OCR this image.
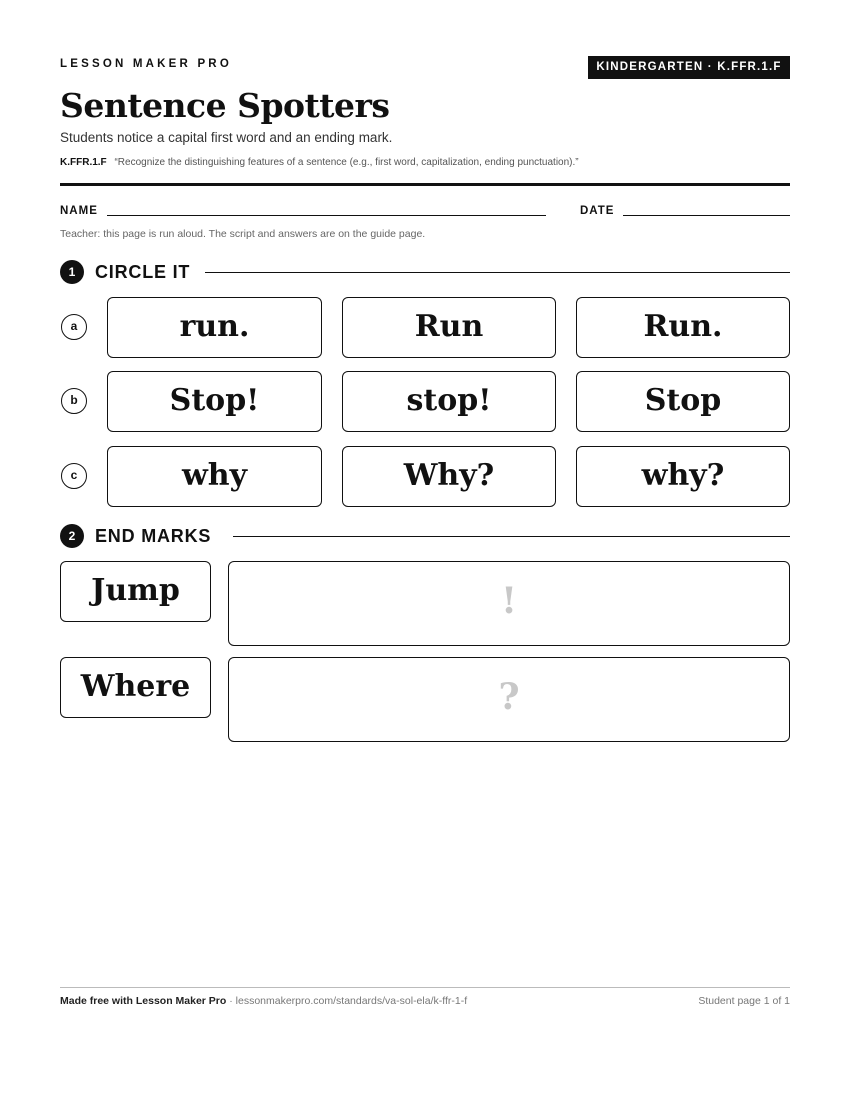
LESSON MAKER PRO	KINDERGARTEN · K.FFR.1.F
Sentence Spotters
Students notice a capital first word and an ending mark.
K.FFR.1.F “Recognize the distinguishing features of a sentence (e.g., first word, capitalization, ending punctuation).”
NAME	DATE
Teacher: this page is run aloud. The script and answers are on the guide page.
1	CIRCLE IT
a	run.	Run	Run.
b	Stop!	stop!	Stop
c	why	Why?	why?
2	END MARKS
Jump	!
Where	?
Made free with Lesson Maker Pro · lessonmakerpro.com/standards/va-sol-ela/k-ffr-1-f	Student page 1 of 1
